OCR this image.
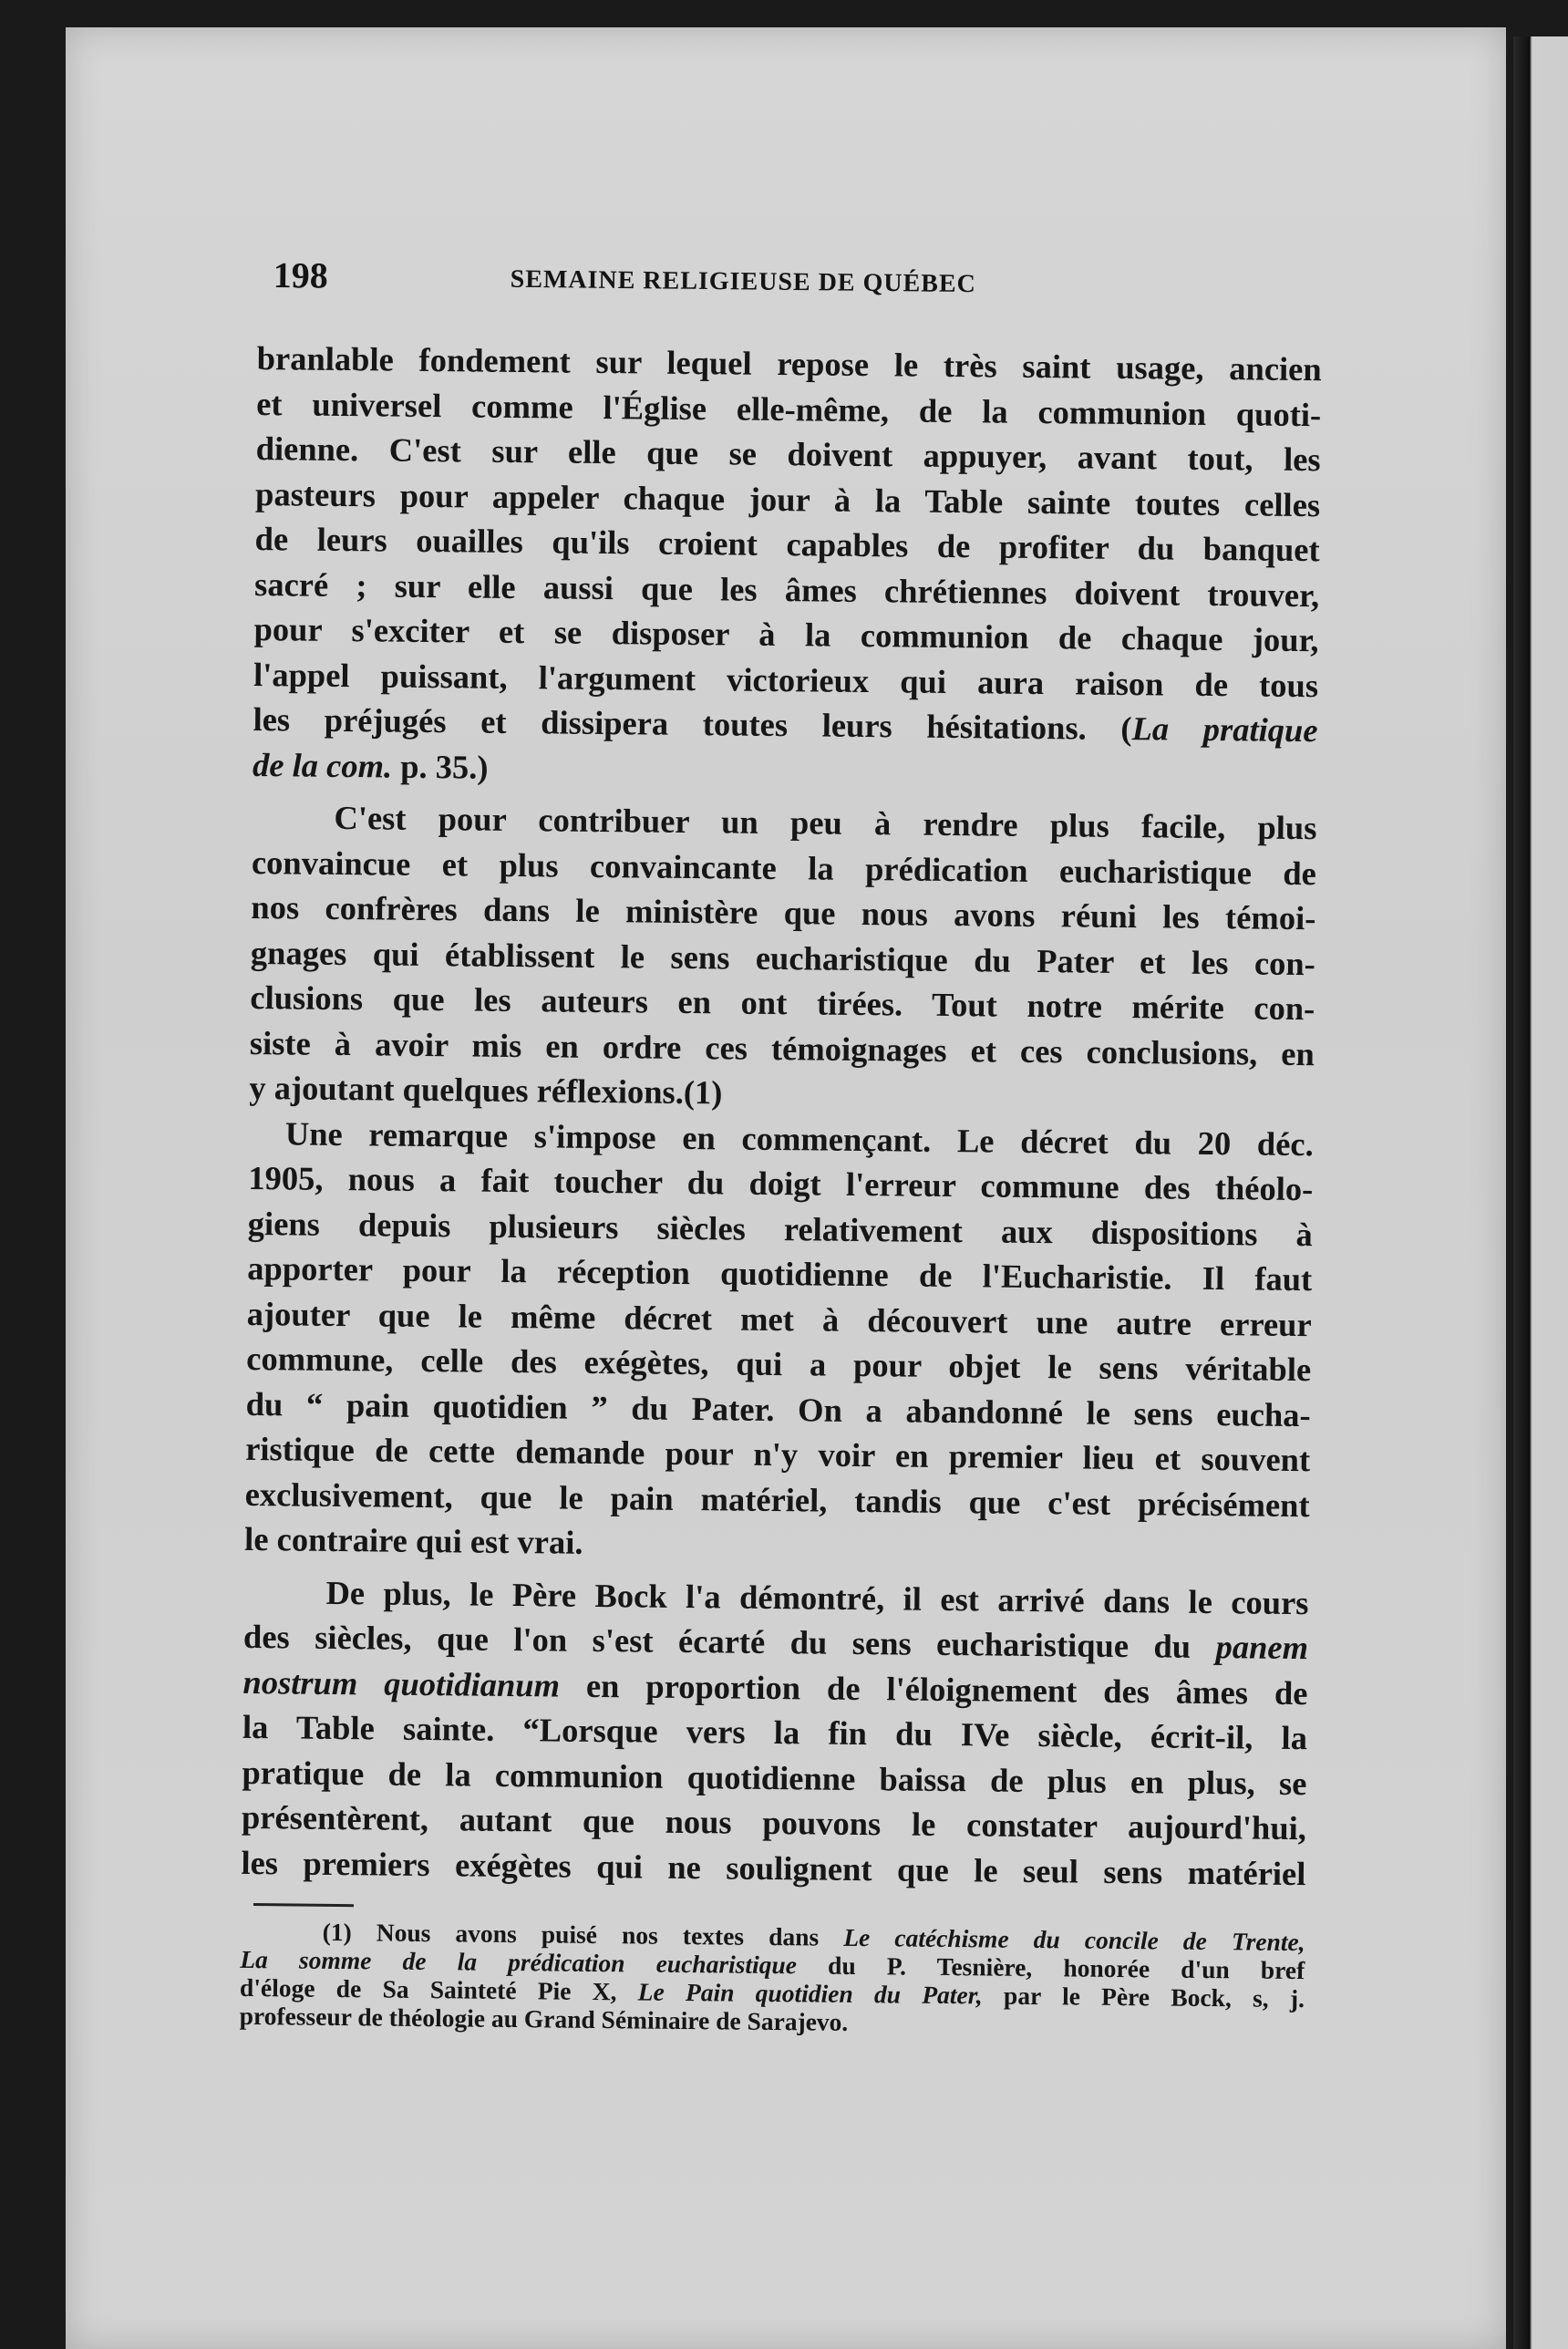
198	SEMAINE RELIGIEUSE DE QUÉBEC
branlable fondement sur lequel repose le très saint usage, ancien
et universel comme l'Église elle-même, de la communion quoti-
dienne. C'est sur elle que se doivent appuyer, avant tout, les
pasteurs pour appeler chaque jour à la Table sainte toutes celles
de leurs ouailles qu'ils croient capables de profiter du banquet
sacré ; sur elle aussi que les âmes chrétiennes doivent trouver,
pour s'exciter et se disposer à la communion de chaque jour,
l'appel puissant, l'argument victorieux qui aura raison de tous
les préjugés et dissipera toutes leurs hésitations. (La pratique
de la com. p. 35.)
C'est pour contribuer un peu à rendre plus facile, plus
convaincue et plus convaincante la prédication eucharistique de
nos confrères dans le ministère que nous avons réuni les témoi-
gnages qui établissent le sens eucharistique du Pater et les con-
clusions que les auteurs en ont tirées. Tout notre mérite con-
siste à avoir mis en ordre ces témoignages et ces conclusions, en
y ajoutant quelques réflexions.(1)
Une remarque s'impose en commençant. Le décret du 20 déc.
1905, nous a fait toucher du doigt l'erreur commune des théolo-
giens depuis plusieurs siècles relativement aux dispositions à
apporter pour la réception quotidienne de l'Eucharistie. Il faut
ajouter que le même décret met à découvert une autre erreur
commune, celle des exégètes, qui a pour objet le sens véritable
du “ pain quotidien ” du Pater. On a abandonné le sens eucha-
ristique de cette demande pour n'y voir en premier lieu et souvent
exclusivement, que le pain matériel, tandis que c'est précisément
le contraire qui est vrai.
De plus, le Père Bock l'a démontré, il est arrivé dans le cours
des siècles, que l'on s'est écarté du sens eucharistique du panem
nostrum quotidianum en proportion de l'éloignement des âmes de
la Table sainte. “Lorsque vers la fin du IVe siècle, écrit-il, la
pratique de la communion quotidienne baissa de plus en plus, se
présentèrent, autant que nous pouvons le constater aujourd'hui,
les premiers exégètes qui ne soulignent que le seul sens matériel
(1) Nous avons puisé nos textes dans Le catéchisme du concile de Trente,
La somme de la prédication eucharistique du P. Tesnière, honorée d'un bref
d'éloge de Sa Sainteté Pie X, Le Pain quotidien du Pater, par le Père Bock, s, j.
professeur de théologie au Grand Séminaire de Sarajevo.
